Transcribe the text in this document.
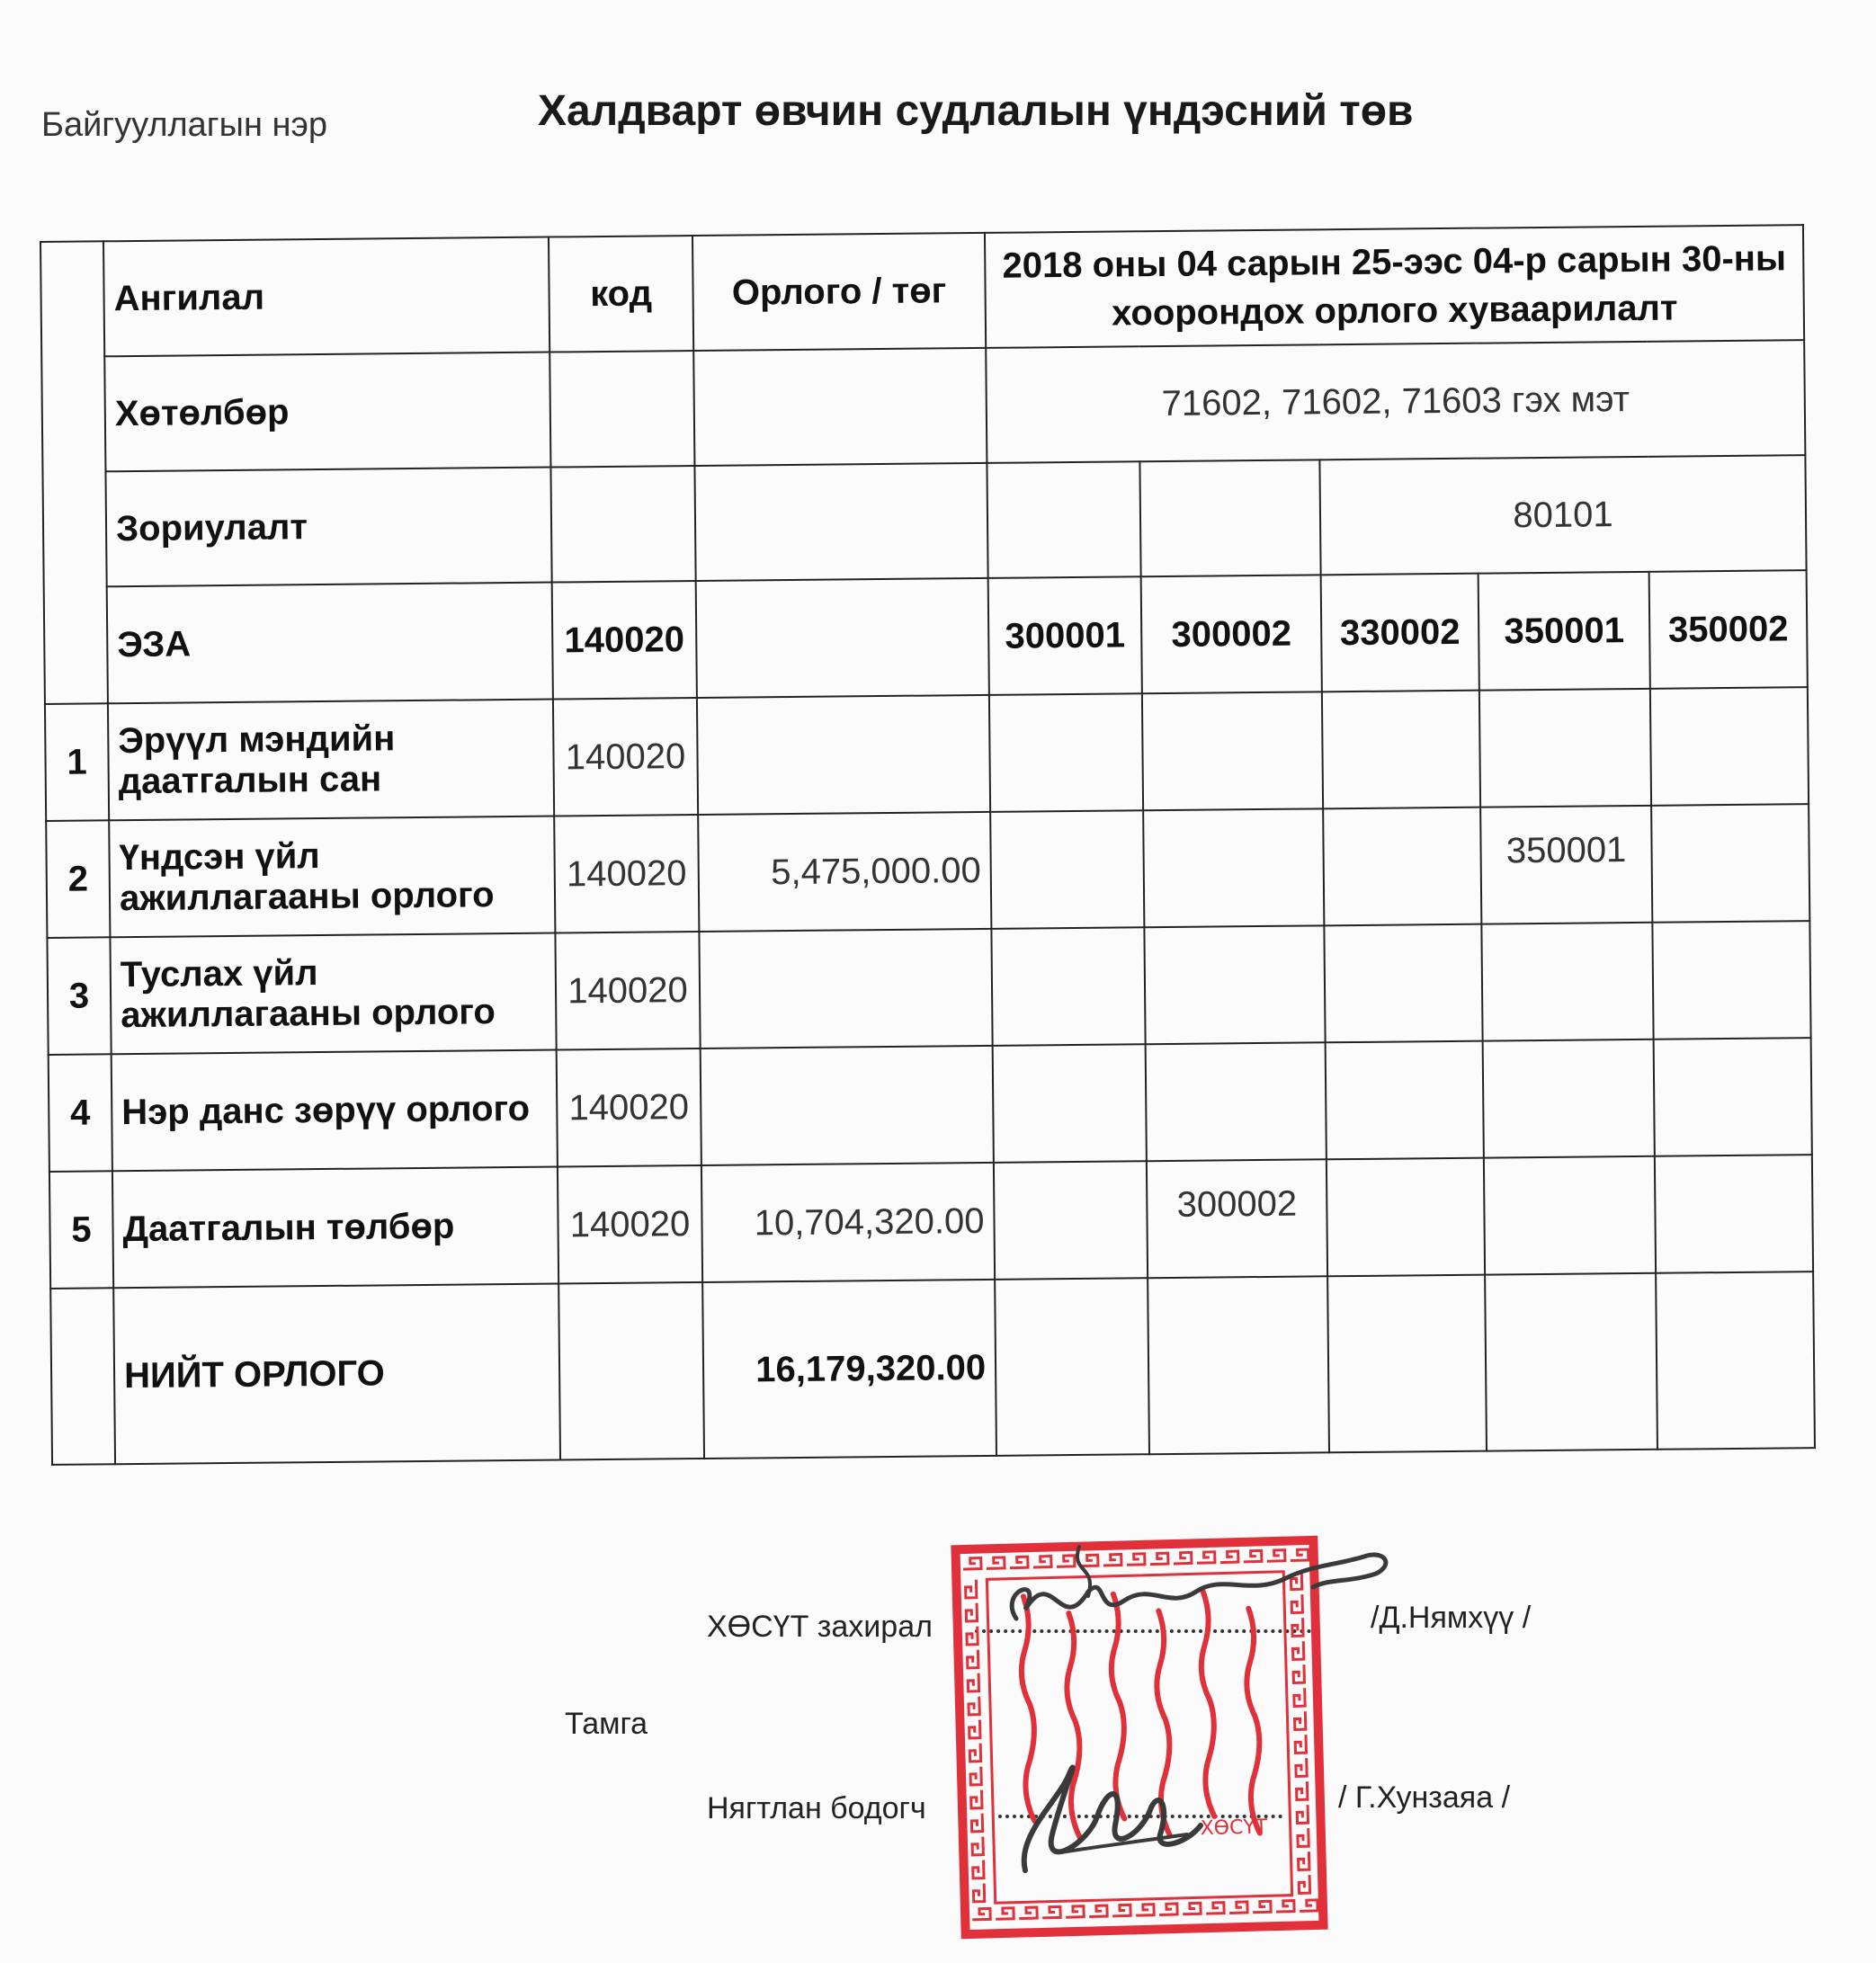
Байгууллагын нэр	Халдварт өвчин судлалын үндэсний төв
	Ангилал	код	Орлого / төг	2018 оны 04 сарын 25-ээс 04-р сарын 30-ны хоорондох орлого хуваарилалт				
	Хөтөлбөр			71602, 71602, 71603 гэх мэт				
	Зориулалт					80101		
	ЭЗА	140020		300001	300002	330002	350001	350002
1	Эрүүл мэндийн даатгалын сан	140020						
2	Үндсэн үйл ажиллагааны орлого	140020	5,475,000.00				350001	
3	Туслах үйл ажиллагааны орлого	140020						
4	Нэр данс зөрүү орлого	140020						
5	Даатгалын төлбөр	140020	10,704,320.00		300002			
	НИЙТ ОРЛОГО		16,179,320.00					
ХӨСҮТ захирал	/Д.Нямхүү /
Тамга
Нягтлан бодогч	/ Г.Хунзаяа /
ХӨСҮТ
